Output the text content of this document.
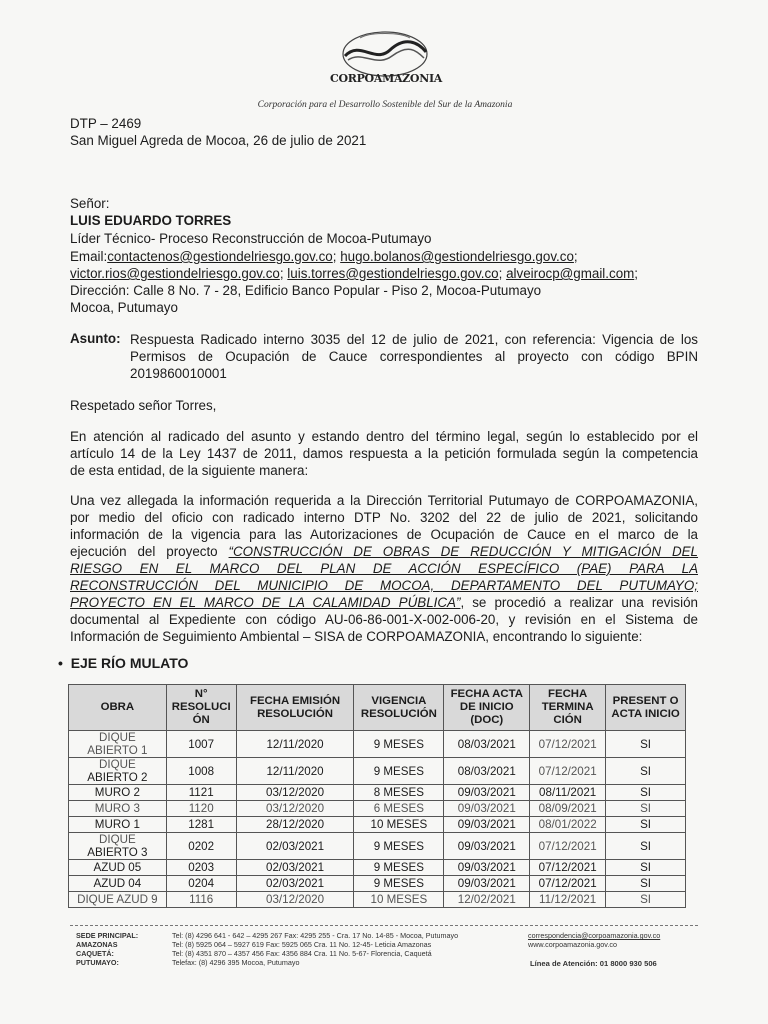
CORPOAMAZONIA
Corporación para el Desarrollo Sostenible del Sur de la Amazonia
DTP – 2469
San Miguel Agreda de Mocoa, 26 de julio de 2021
Señor:
LUIS EDUARDO TORRES
Líder Técnico- Proceso Reconstrucción de Mocoa-Putumayo
Email:contactenos@gestiondelriesgo.gov.co; hugo.bolanos@gestiondelriesgo.gov.co;
victor.rios@gestiondelriesgo.gov.co; luis.torres@gestiondelriesgo.gov.co; alveirocp@gmail.com;
Dirección: Calle 8 No. 7 - 28, Edificio Banco Popular - Piso 2, Mocoa-Putumayo
Mocoa, Putumayo
Asunto: Respuesta Radicado interno 3035 del 12 de julio de 2021, con referencia: Vigencia de los
Permisos de Ocupación de Cauce correspondientes al proyecto con código BPIN
2019860010001
Respetado señor Torres,
En atención al radicado del asunto y estando dentro del término legal, según lo establecido por el
artículo 14 de la Ley 1437 de 2011, damos respuesta a la petición formulada según la competencia
de esta entidad, de la siguiente manera:
Una vez allegada la información requerida a la Dirección Territorial Putumayo de CORPOAMAZONIA,
por medio del oficio con radicado interno DTP No. 3202 del 22 de julio de 2021, solicitando
información de la vigencia para las Autorizaciones de Ocupación de Cauce en el marco de la
ejecución del proyecto “CONSTRUCCIÓN DE OBRAS DE REDUCCIÓN Y MITIGACIÓN DEL
RIESGO EN EL MARCO DEL PLAN DE ACCIÓN ESPECÍFICO (PAE) PARA LA
RECONSTRUCCIÓN DEL MUNICIPIO DE MOCOA, DEPARTAMENTO DEL PUTUMAYO;
PROYECTO EN EL MARCO DE LA CALAMIDAD PÚBLICA”, se procedió a realizar una revisión
documental al Expediente con código AU-06-86-001-X-002-006-20, y revisión en el Sistema de
Información de Seguimiento Ambiental – SISA de CORPOAMAZONIA, encontrando lo siguiente:
• EJE RÍO MULATO
OBRA	N° RESOLUCI ÓN	FECHA EMISIÓN RESOLUCIÓN	VIGENCIA RESOLUCIÓN	FECHA ACTA DE INICIO (DOC)	FECHA TERMINA CIÓN	PRESENT O ACTA INICIO
DIQUE
ABIERTO 1	1007	12/11/2020	9 MESES	08/03/2021	07/12/2021	SI
DIQUE
ABIERTO 2	1008	12/11/2020	9 MESES	08/03/2021	07/12/2021	SI
MURO 2	1121	03/12/2020	8 MESES	09/03/2021	08/11/2021	SI
MURO 3	1120	03/12/2020	6 MESES	09/03/2021	08/09/2021	SI
MURO 1	1281	28/12/2020	10 MESES	09/03/2021	08/01/2022	SI
DIQUE
ABIERTO 3	0202	02/03/2021	9 MESES	09/03/2021	07/12/2021	SI
AZUD 05	0203	02/03/2021	9 MESES	09/03/2021	07/12/2021	SI
AZUD 04	0204	02/03/2021	9 MESES	09/03/2021	07/12/2021	SI
DIQUE AZUD 9	1116	03/12/2020	10 MESES	12/02/2021	11/12/2021	SI
SEDE PRINCIPAL:
AMAZONAS
CAQUETÁ:
PUTUMAYO:
Tel: (8) 4296 641 - 642 – 4295 267 Fax: 4295 255 - Cra. 17 No. 14-85 - Mocoa, Putumayo
Tel: (8) 5925 064 – 5927 619 Fax: 5925 065 Cra. 11 No. 12-45- Leticia Amazonas
Tel: (8) 4351 870 – 4357 456 Fax: 4356 884 Cra. 11 No. 5-67- Florencia, Caquetá
Telefax: (8) 4296 395 Mocoa, Putumayo
correspondencia@corpoamazonia.gov.co
www.corpoamazonia.gov.co
Línea de Atención: 01 8000 930 506
